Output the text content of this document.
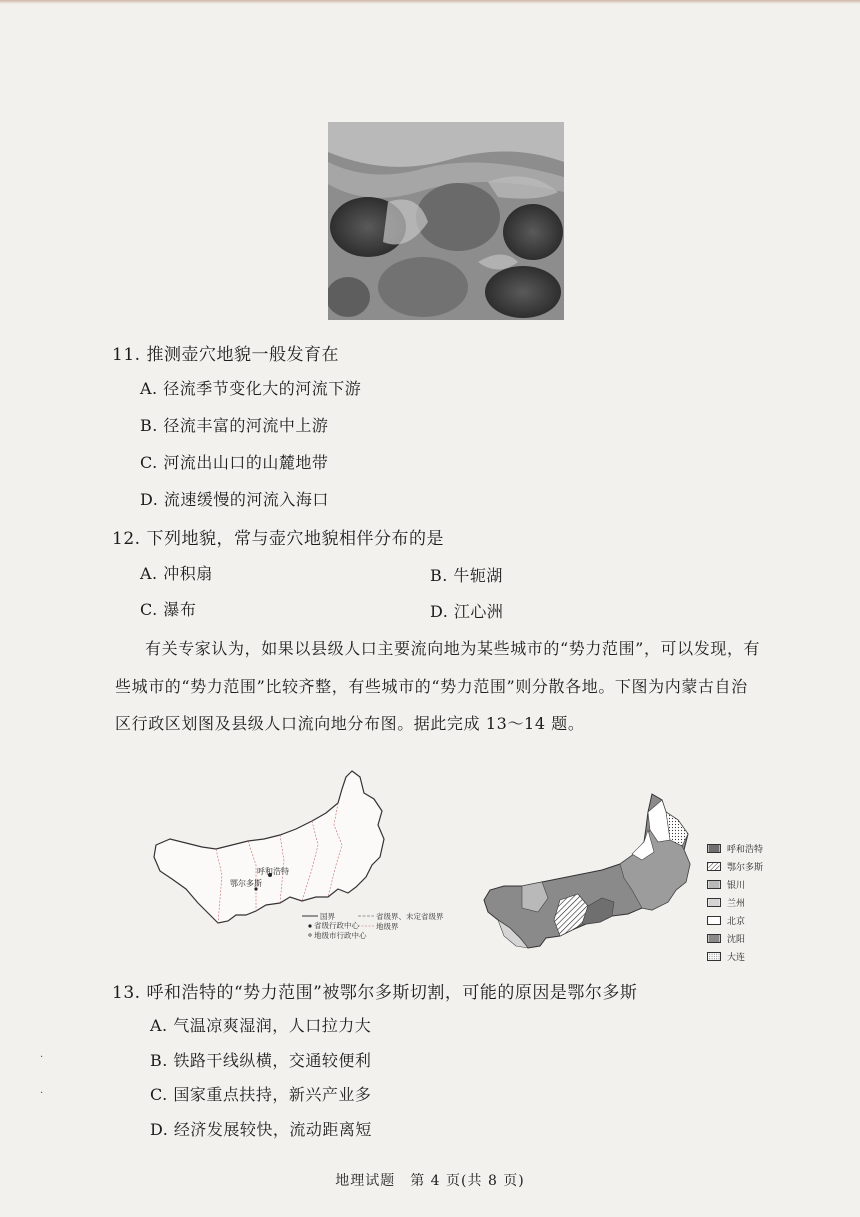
11. 推测壶穴地貌一般发育在
A. 径流季节变化大的河流下游
B. 径流丰富的河流中上游
C. 河流出山口的山麓地带
D. 流速缓慢的河流入海口
12. 下列地貌，常与壶穴地貌相伴分布的是
A. 冲积扇	B. 牛轭湖
C. 瀑布	D. 江心洲
有关专家认为，如果以县级人口主要流向地为某些城市的“势力范围”，可以发现，有
些城市的“势力范围”比较齐整，有些城市的“势力范围”则分散各地。下图为内蒙古自治
区行政区划图及县级人口流向地分布图。据此完成 13～14 题。
呼和浩特
鄂尔多斯
国界	省级界、未定省级界
省级行政中心 地级界
地级市行政中心
呼和浩特
鄂尔多斯
银川
兰州
北京
沈阳
大连
13. 呼和浩特的“势力范围”被鄂尔多斯切割，可能的原因是鄂尔多斯
A. 气温凉爽湿润，人口拉力大
B. 铁路干线纵横，交通较便利
C. 国家重点扶持，新兴产业多
D. 经济发展较快，流动距离短
·
·
地理试题　第 4 页(共 8 页)
